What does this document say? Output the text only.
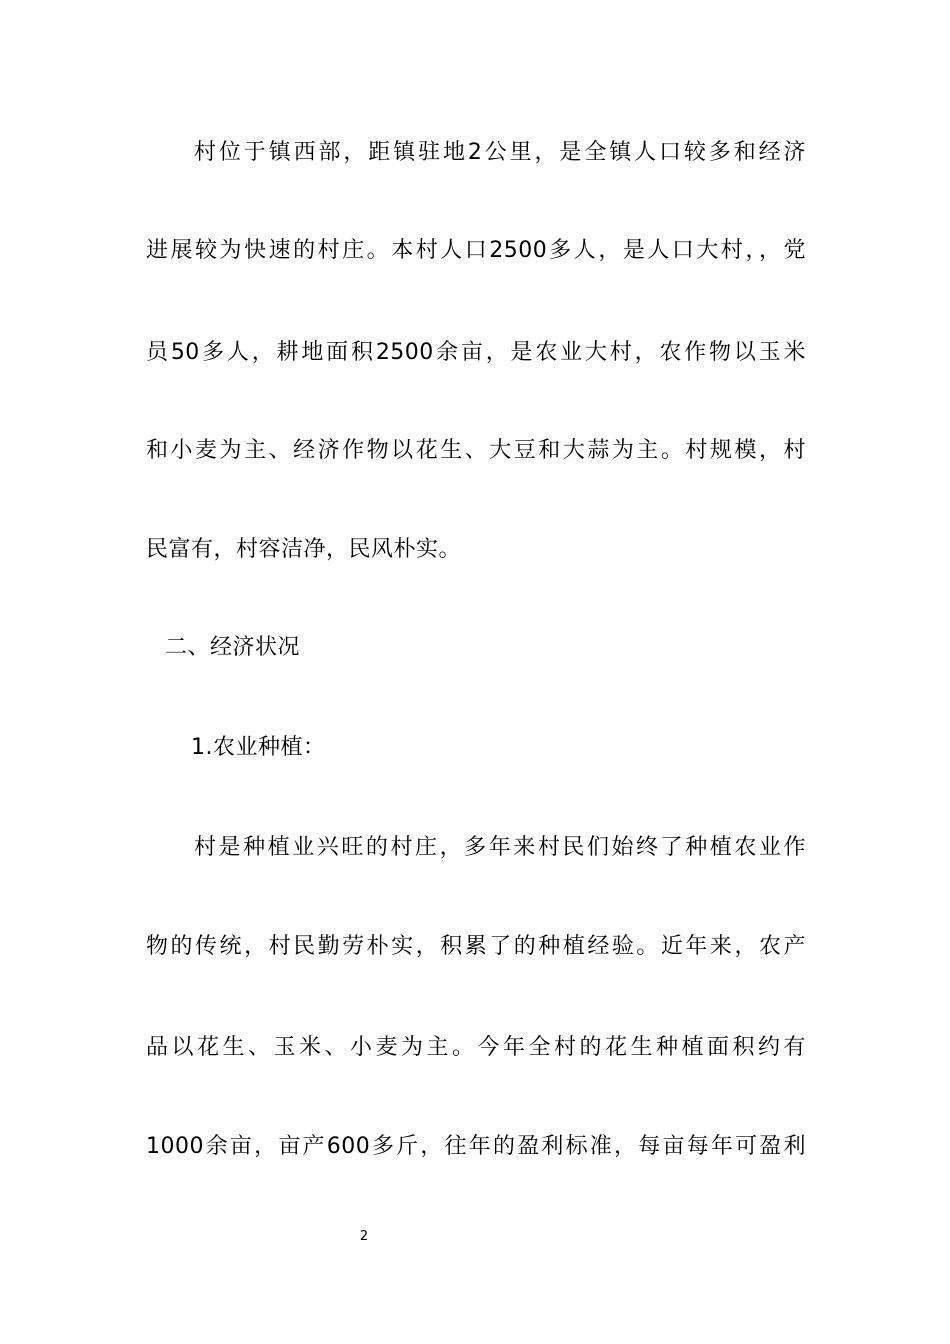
村位于镇西部，距镇驻地2公里，是全镇人口较多和经济
进展较为快速的村庄。本村人口2500多人，是人口大村，，党
员50多人，耕地面积2500余亩，是农业大村，农作物以玉米
和小麦为主、经济作物以花生、大豆和大蒜为主。村规模，村
民富有，村容洁净，民风朴实。
二、经济状况
1.农业种植：
村是种植业兴旺的村庄，多年来村民们始终了种植农业作
物的传统，村民勤劳朴实，积累了的种植经验。近年来，农产
品以花生、玉米、小麦为主。今年全村的花生种植面积约有
1000余亩，亩产600多斤，往年的盈利标准，每亩每年可盈利
2
